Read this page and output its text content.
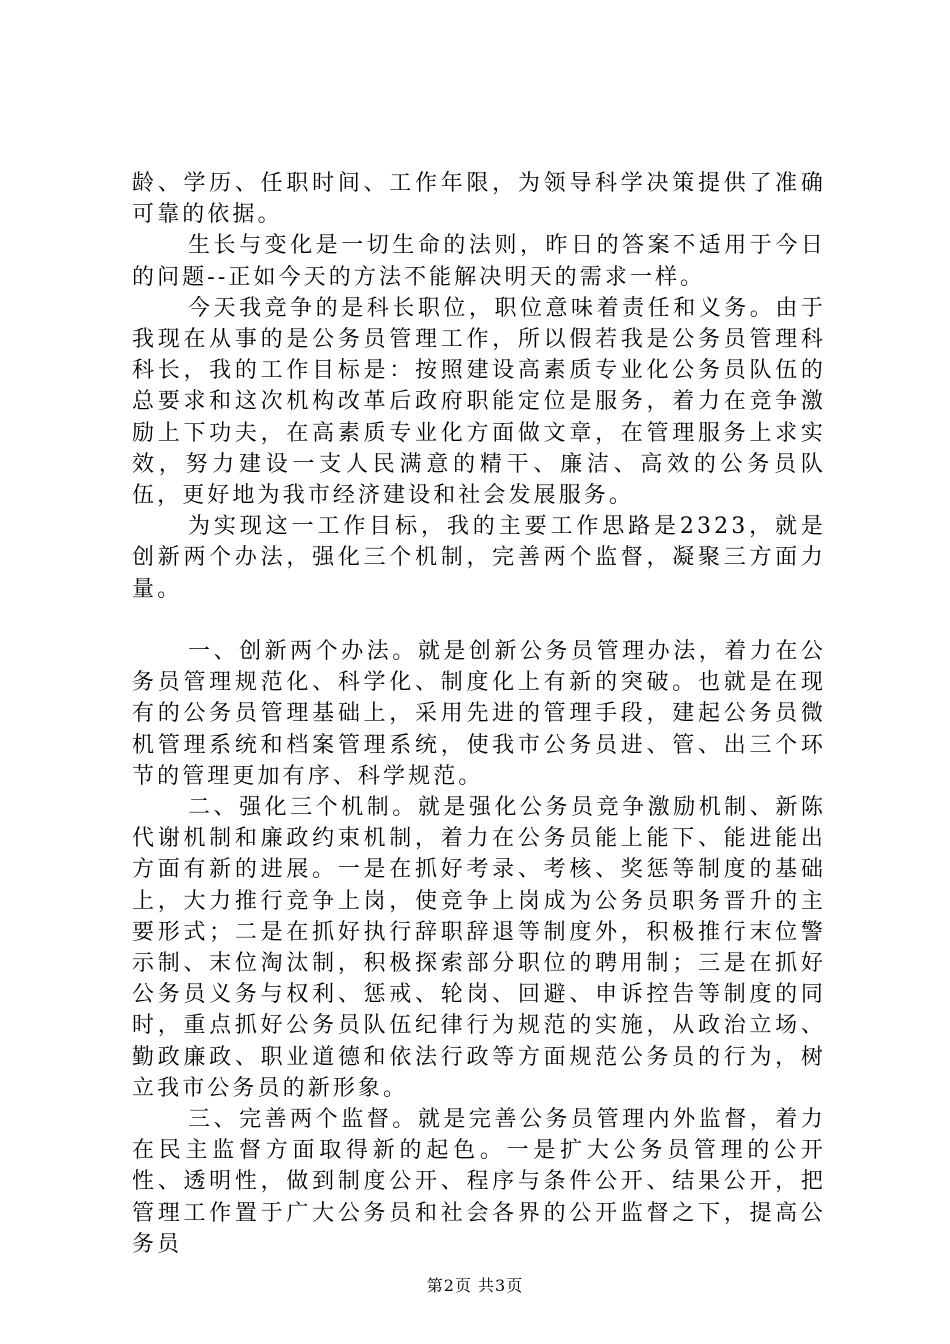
龄、学历、任职时间、工作年限，为领导科学决策提供了准确可靠的依据。

生长与变化是一切生命的法则，昨日的答案不适用于今日的问题--正如今天的方法不能解决明天的需求一样。

今天我竞争的是科长职位，职位意味着责任和义务。由于我现在从事的是公务员管理工作，所以假若我是公务员管理科科长，我的工作目标是：按照建设高素质专业化公务员队伍的总要求和这次机构改革后政府职能定位是服务，着力在竞争激励上下功夫，在高素质专业化方面做文章，在管理服务上求实效，努力建设一支人民满意的精干、廉洁、高效的公务员队伍，更好地为我市经济建设和社会发展服务。

为实现这一工作目标，我的主要工作思路是2323，就是创新两个办法，强化三个机制，完善两个监督，凝聚三方面力量。

一、创新两个办法。就是创新公务员管理办法，着力在公务员管理规范化、科学化、制度化上有新的突破。也就是在现有的公务员管理基础上，采用先进的管理手段，建起公务员微机管理系统和档案管理系统，使我市公务员进、管、出三个环节的管理更加有序、科学规范。

二、强化三个机制。就是强化公务员竞争激励机制、新陈代谢机制和廉政约束机制，着力在公务员能上能下、能进能出方面有新的进展。一是在抓好考录、考核、奖惩等制度的基础上，大力推行竞争上岗，使竞争上岗成为公务员职务晋升的主要形式；二是在抓好执行辞职辞退等制度外，积极推行末位警示制、末位淘汰制，积极探索部分职位的聘用制；三是在抓好公务员义务与权利、惩戒、轮岗、回避、申诉控告等制度的同时，重点抓好公务员队伍纪律行为规范的实施，从政治立场、勤政廉政、职业道德和依法行政等方面规范公务员的行为，树立我市公务员的新形象。

三、完善两个监督。就是完善公务员管理内外监督，着力在民主监督方面取得新的起色。一是扩大公务员管理的公开性、透明性，做到制度公开、程序与条件公开、结果公开，把管理工作置于广大公务员和社会各界的公开监督之下，提高公务员

第2页 共3页
